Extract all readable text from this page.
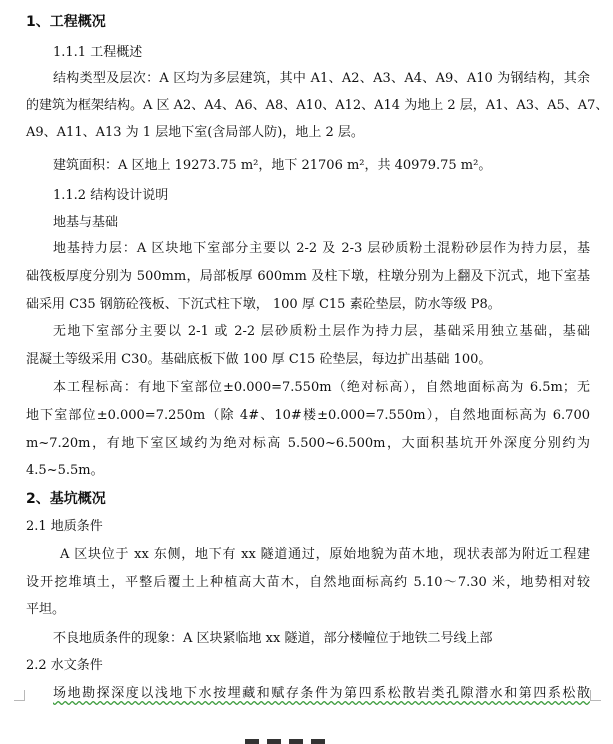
1、工程概况
1.1.1 工程概述
结构类型及层次：A 区均为多层建筑，其中 A1、A2、A3、A4、A9、A10 为钢结构，其余
的建筑为框架结构。A 区 A2、A4、A6、A8、A10、A12、A14 为地上 2 层，A1、A3、A5、A7、
A9、A11、A13 为 1 层地下室(含局部人防)，地上 2 层。
建筑面积：A 区地上 19273.75 m²，地下 21706 m²，共 40979.75 m²。
1.1.2 结构设计说明
地基与基础
地基持力层：A 区块地下室部分主要以 2-2 及 2-3 层砂质粉土混粉砂层作为持力层，基
础筏板厚度分别为 500mm，局部板厚 600mm 及柱下墩，柱墩分别为上翻及下沉式，地下室基
础采用 C35 钢筋砼筏板、下沉式柱下墩， 100 厚 C15 素砼垫层，防水等级 P8。
无地下室部分主要以 2-1 或 2-2 层砂质粉土层作为持力层，基础采用独立基础，基础
混凝土等级采用 C30。基础底板下做 100 厚 C15 砼垫层，每边扩出基础 100。
本工程标高：有地下室部位±0.000=7.550m（绝对标高），自然地面标高为 6.5m；无
地下室部位±0.000=7.250m（除 4#、10#楼±0.000=7.550m），自然地面标高为 6.700
m~7.20m，有地下室区域约为绝对标高 5.500~6.500m，大面积基坑开外深度分别约为
4.5~5.5m。
2、基坑概况
2.1 地质条件
A 区块位于 xx 东侧，地下有 xx 隧道通过，原始地貌为苗木地，现状表部为附近工程建
设开挖堆填土，平整后覆土上种植高大苗木，自然地面标高约 5.10～7.30 米，地势相对较
平坦。
不良地质条件的现象：A 区块紧临地 xx 隧道，部分楼幢位于地铁二号线上部
2.2 水文条件
场地勘探深度以浅地下水按埋藏和赋存条件为第四系松散岩类孔隙潜水和第四系松散
